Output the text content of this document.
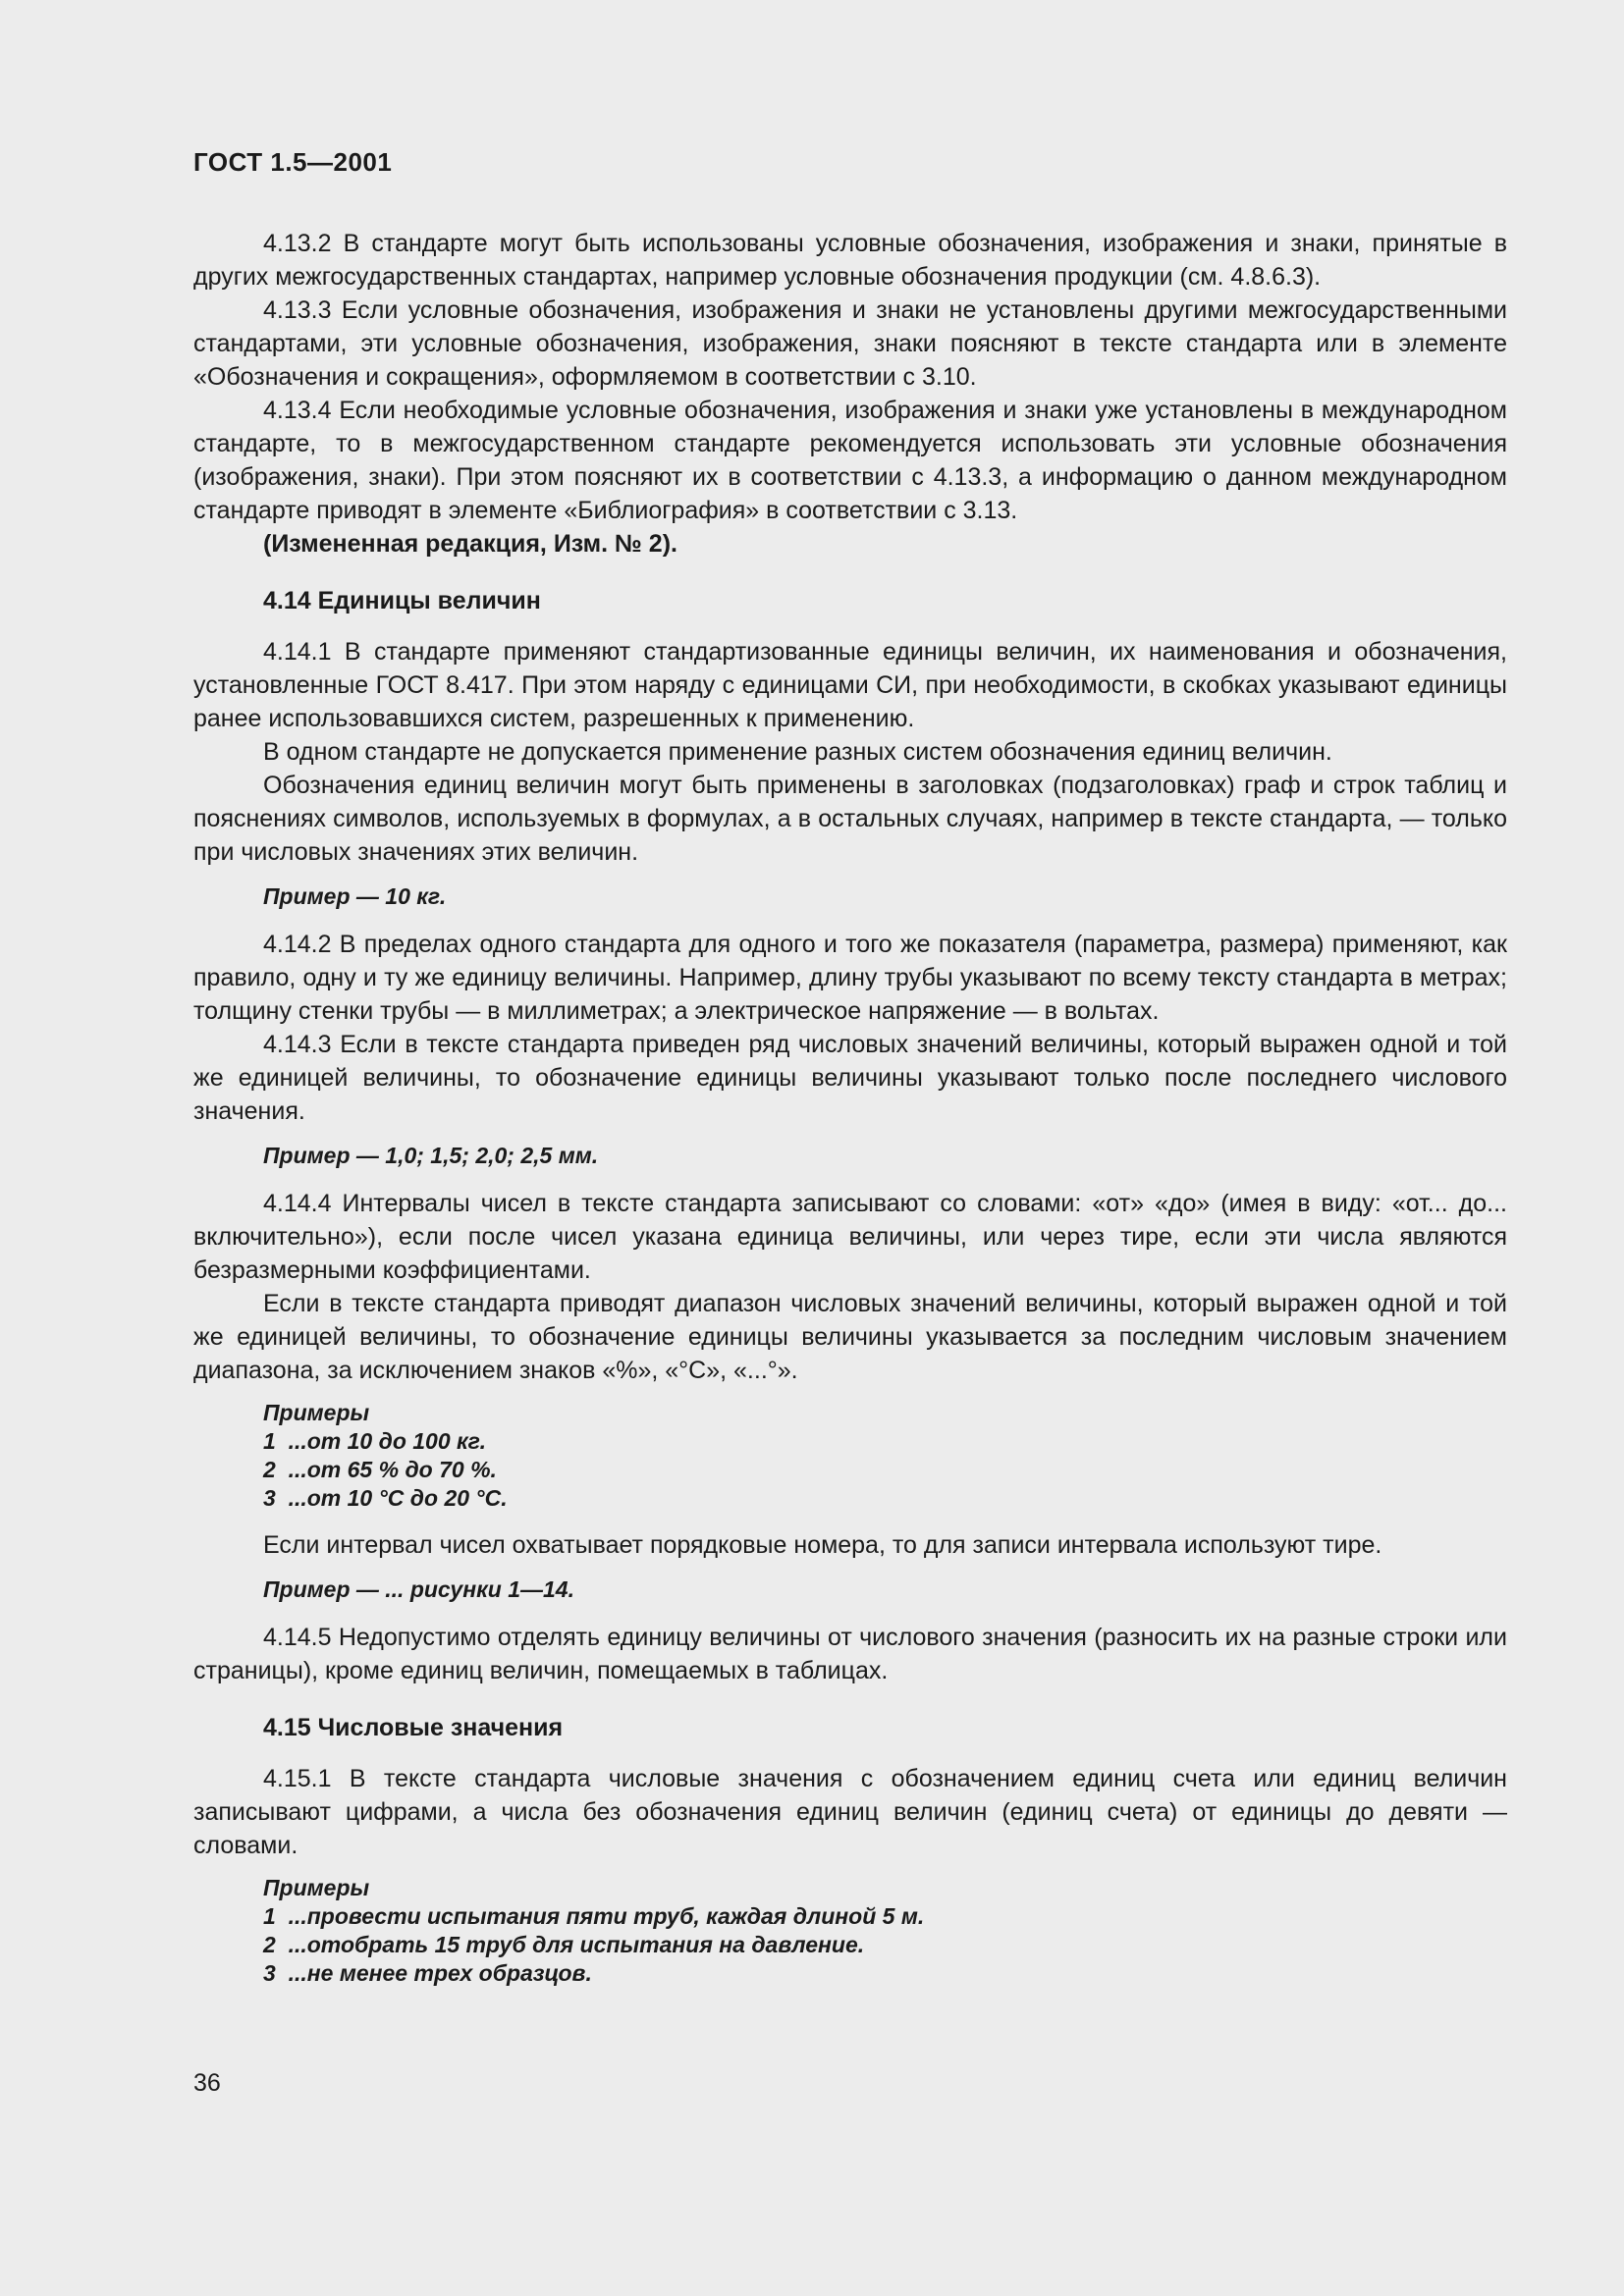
ГОСТ 1.5—2001

4.13.2 В стандарте могут быть использованы условные обозначения, изображения и знаки, принятые в других межгосударственных стандартах, например условные обозначения продукции (см. 4.8.6.3).

4.13.3 Если условные обозначения, изображения и знаки не установлены другими межгосударственными стандартами, эти условные обозначения, изображения, знаки поясняют в тексте стандарта или в элементе «Обозначения и сокращения», оформляемом в соответствии с 3.10.

4.13.4 Если необходимые условные обозначения, изображения и знаки уже установлены в международном стандарте, то в межгосударственном стандарте рекомендуется использовать эти условные обозначения (изображения, знаки). При этом поясняют их в соответствии с 4.13.3, а информацию о данном международном стандарте приводят в элементе «Библиография» в соответствии с 3.13.

(Измененная редакция, Изм. № 2).

4.14 Единицы величин

4.14.1 В стандарте применяют стандартизованные единицы величин, их наименования и обозначения, установленные ГОСТ 8.417. При этом наряду с единицами СИ, при необходимости, в скобках указывают единицы ранее использовавшихся систем, разрешенных к применению.

В одном стандарте не допускается применение разных систем обозначения единиц величин.

Обозначения единиц величин могут быть применены в заголовках (подзаголовках) граф и строк таблиц и пояснениях символов, используемых в формулах, а в остальных случаях, например в тексте стандарта, — только при числовых значениях этих величин.

Пример — 10 кг.

4.14.2 В пределах одного стандарта для одного и того же показателя (параметра, размера) применяют, как правило, одну и ту же единицу величины. Например, длину трубы указывают по всему тексту стандарта в метрах; толщину стенки трубы — в миллиметрах; а электрическое напряжение — в вольтах.

4.14.3 Если в тексте стандарта приведен ряд числовых значений величины, который выражен одной и той же единицей величины, то обозначение единицы величины указывают только после последнего числового значения.

Пример — 1,0; 1,5; 2,0; 2,5 мм.

4.14.4 Интервалы чисел в тексте стандарта записывают со словами: «от» «до» (имея в виду: «от... до... включительно»), если после чисел указана единица величины, или через тире, если эти числа являются безразмерными коэффициентами.

Если в тексте стандарта приводят диапазон числовых значений величины, который выражен одной и той же единицей величины, то обозначение единицы величины указывается за последним числовым значением диапазона, за исключением знаков «%», «°С», «...°».

Примеры
1  ...от 10 до 100 кг.
2  ...от 65 % до 70 %.
3  ...от 10 °С до 20 °С.

Если интервал чисел охватывает порядковые номера, то для записи интервала используют тире.

Пример — ... рисунки 1—14.

4.14.5 Недопустимо отделять единицу величины от числового значения (разносить их на разные строки или страницы), кроме единиц величин, помещаемых в таблицах.

4.15 Числовые значения

4.15.1 В тексте стандарта числовые значения с обозначением единиц счета или единиц величин записывают цифрами, а числа без обозначения единиц величин (единиц счета) от единицы до девяти — словами.

Примеры
1  ...провести испытания пяти труб, каждая длиной 5 м.
2  ...отобрать 15 труб для испытания на давление.
3  ...не менее трех образцов.
36
